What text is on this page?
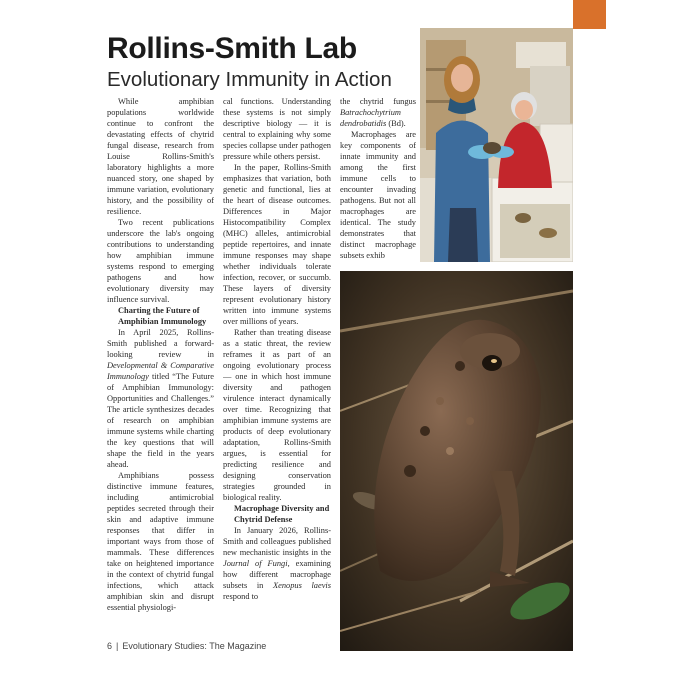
Rollins-Smith Lab
Evolutionary Immunity in Action

While amphibian populations worldwide continue to confront the devastating effects of chytrid fungal disease, research from Louise Rollins-Smith's laboratory highlights a more nuanced story, one shaped by immune variation, evolutionary history, and the possibility of resilience.

Two recent publications underscore the lab's ongoing contributions to understanding how amphibian immune systems respond to emerging pathogens and how evolutionary diversity may influence survival.

Charting the Future of Amphibian Immunology

In April 2025, Rollins-Smith published a forward-looking review in Developmental & Comparative Immunology titled “The Future of Amphibian Immunology: Opportunities and Challenges.” The article synthesizes decades of research on amphibian immune systems while charting the key questions that will shape the field in the years ahead.

Amphibians possess distinctive immune features, including antimicrobial peptides secreted through their skin and adaptive immune responses that differ in important ways from those of mammals. These differences take on heightened importance in the context of chytrid fungal infections, which attack amphibian skin and disrupt essential physiologi-

cal functions. Understanding these systems is not simply descriptive biology — it is central to explaining why some species collapse under pathogen pressure while others persist.

In the paper, Rollins-Smith emphasizes that variation, both genetic and functional, lies at the heart of disease outcomes. Differences in Major Histocompatibility Complex (MHC) alleles, antimicrobial peptide repertoires, and innate immune responses may shape whether individuals tolerate infection, recover, or succumb. These layers of diversity represent evolutionary history written into immune systems over millions of years.

Rather than treating disease as a static threat, the review reframes it as part of an ongoing evolutionary process — one in which host immune diversity and pathogen virulence interact dynamically over time. Recognizing that amphibian immune systems are products of deep evolutionary adaptation, Rollins-Smith argues, is essential for predicting resilience and designing conservation strategies grounded in biological reality.

Macrophage Diversity and Chytrid Defense

In January 2026, Rollins-Smith and colleagues published new mechanistic insights in the Journal of Fungi, examining how different macrophage subsets in Xenopus laevis respond to

the chytrid fungus Batrachochytrium dendrobatidis (Bd).

Macrophages are key components of innate immunity and among the first immune cells to encounter invading pathogens. But not all macrophages are identical. The study demonstrates that distinct macrophage subsets exhib

6 | Evolutionary Studies: The Magazine
